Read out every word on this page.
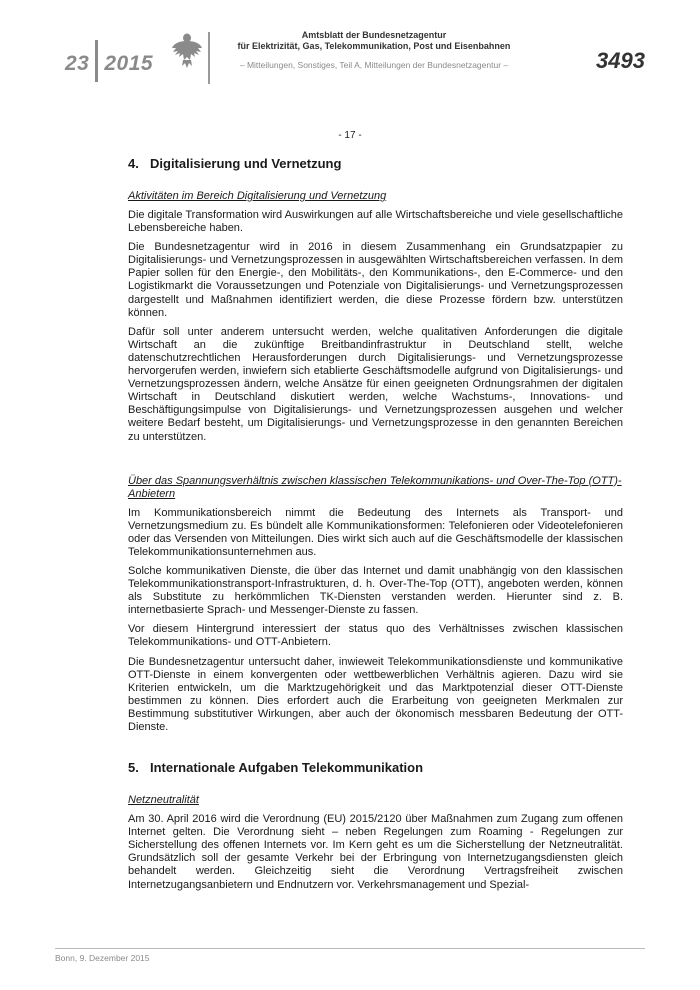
23 2015
Amtsblatt der Bundesnetzagentur
für Elektrizität, Gas, Telekommunikation, Post und Eisenbahnen
– Mitteilungen, Sonstiges, Teil A, Mitteilungen der Bundesnetzagentur –	3493
- 17 -
4. Digitalisierung und Vernetzung
Aktivitäten im Bereich Digitalisierung und Vernetzung

Die digitale Transformation wird Auswirkungen auf alle Wirtschaftsbereiche und viele gesellschaftliche Lebensbereiche haben.

Die Bundesnetzagentur wird in 2016 in diesem Zusammenhang ein Grundsatzpapier zu Digitalisierungs- und Vernetzungsprozessen in ausgewählten Wirtschaftsbereichen verfassen. In dem Papier sollen für den Energie-, den Mobilitäts-, den Kommunikations-, den E-Commerce- und den Logistikmarkt die Voraussetzungen und Potenziale von Digitalisierungs- und Vernetzungsprozessen dargestellt und Maßnahmen identifiziert werden, die diese Prozesse fördern bzw. unterstützen können.

Dafür soll unter anderem untersucht werden, welche qualitativen Anforderungen die digitale Wirtschaft an die zukünftige Breitbandinfrastruktur in Deutschland stellt, welche datenschutzrechtlichen Herausforderungen durch Digitalisierungs- und Vernetzungsprozesse hervorgerufen werden, inwiefern sich etablierte Geschäftsmodelle aufgrund von Digitalisierungs- und Vernetzungsprozessen ändern, welche Ansätze für einen geeigneten Ordnungsrahmen der digitalen Wirtschaft in Deutschland diskutiert werden, welche Wachstums-, Innovations- und Beschäftigungsimpulse von Digitalisierungs- und Vernetzungsprozessen ausgehen und welcher weitere Bedarf besteht, um Digitalisierungs- und Vernetzungsprozesse in den genannten Bereichen zu unterstützen.

Über das Spannungsverhältnis zwischen klassischen Telekommunikations- und Over-The-Top (OTT)-Anbietern

Im Kommunikationsbereich nimmt die Bedeutung des Internets als Transport- und Vernetzungsmedium zu. Es bündelt alle Kommunikationsformen: Telefonieren oder Videotelefonieren oder das Versenden von Mitteilungen. Dies wirkt sich auch auf die Geschäftsmodelle der klassischen Telekommunikationsunternehmen aus.

Solche kommunikativen Dienste, die über das Internet und damit unabhängig von den klassischen Telekommunikationstransport-Infrastrukturen, d. h. Over-The-Top (OTT), angeboten werden, können als Substitute zu herkömmlichen TK-Diensten verstanden werden. Hierunter sind z. B. internetbasierte Sprach- und Messenger-Dienste zu fassen.

Vor diesem Hintergrund interessiert der status quo des Verhältnisses zwischen klassischen Telekommunikations- und OTT-Anbietern.

Die Bundesnetzagentur untersucht daher, inwieweit Telekommunikationsdienste und kommunikative OTT-Dienste in einem konvergenten oder wettbewerblichen Verhältnis agieren. Dazu wird sie Kriterien entwickeln, um die Marktzugehörigkeit und das Marktpotenzial dieser OTT-Dienste bestimmen zu können. Dies erfordert auch die Erarbeitung von geeigneten Merkmalen zur Bestimmung substitutiver Wirkungen, aber auch der ökonomisch messbaren Bedeutung der OTT-Dienste.

5. Internationale Aufgaben Telekommunikation
Netzneutralität

Am 30. April 2016 wird die Verordnung (EU) 2015/2120 über Maßnahmen zum Zugang zum offenen Internet gelten. Die Verordnung sieht – neben Regelungen zum Roaming - Regelungen zur Sicherstellung des offenen Internets vor. Im Kern geht es um die Sicherstellung der Netzneutralität. Grundsätzlich soll der gesamte Verkehr bei der Erbringung von Internetzugangsdiensten gleich behandelt werden. Gleichzeitig sieht die Verordnung Vertragsfreiheit zwischen Internetzugangsanbietern und Endnutzern vor. Verkehrsmanagement und Spezial-

Bonn, 9. Dezember 2015
